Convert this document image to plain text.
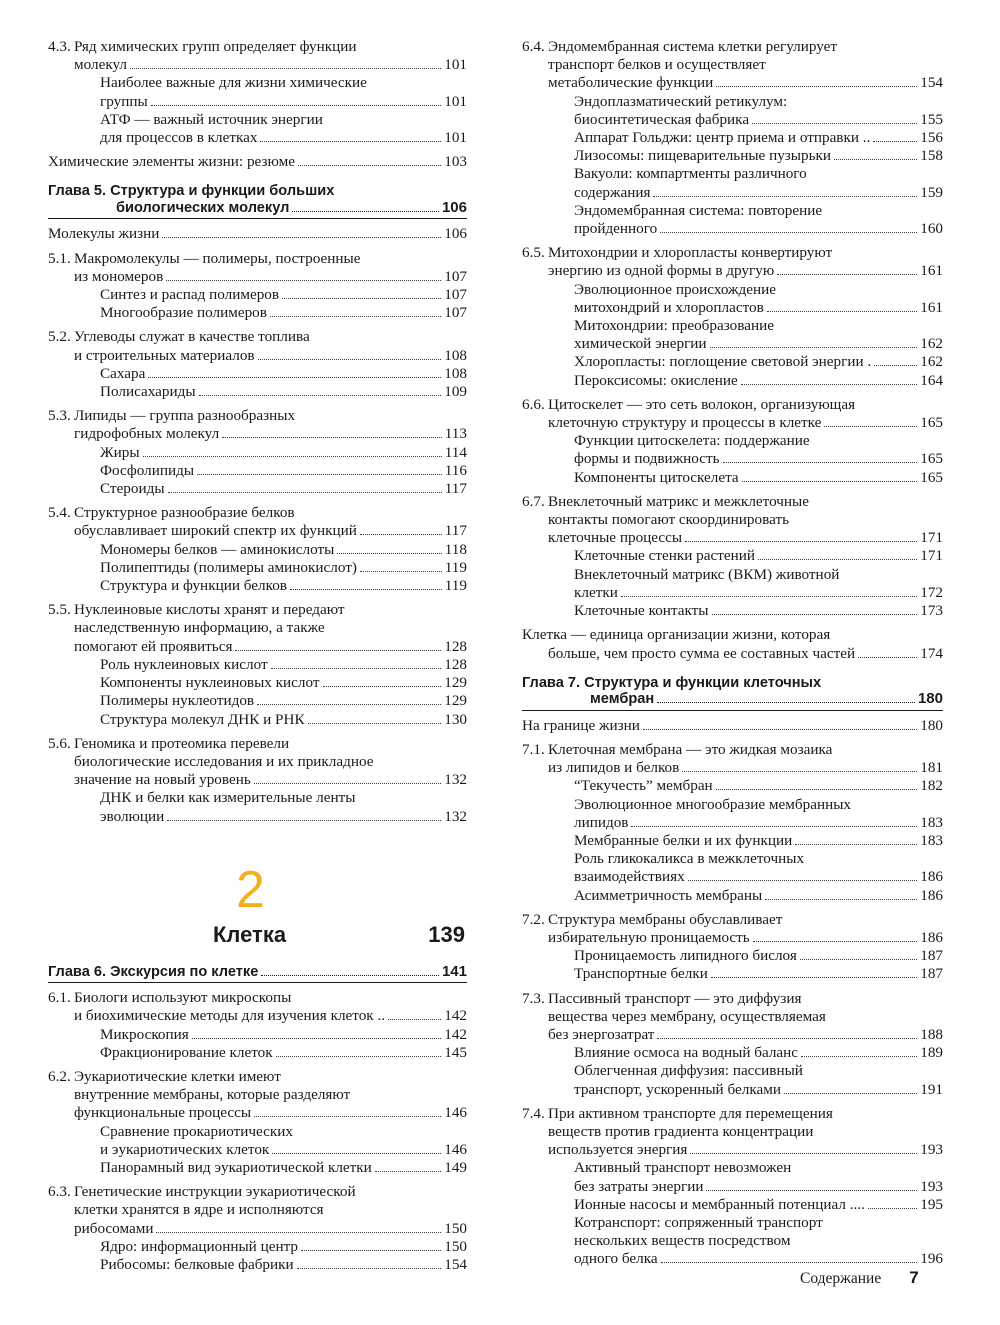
4.3. Ряд химических групп определяет функции
молекул	101
Наиболее важные для жизни химические
группы	101
АТФ — важный источник энергии
для процессов в клетках	101
Химические элементы жизни: резюме	103
Глава 5. Структура и функции больших
биологических молекул	106
Молекулы жизни	106
5.1. Макромолекулы — полимеры, построенные
из мономеров	107
Синтез и распад полимеров	107
Многообразие полимеров	107
5.2. Углеводы служат в качестве топлива
и строительных материалов	108
Сахара	108
Полисахариды	109
5.3. Липиды — группа разнообразных
гидрофобных молекул	113
Жиры	114
Фосфолипиды	116
Стероиды	117
5.4. Структурное разнообразие белков
обуславливает широкий спектр их функций	117
Мономеры белков — аминокислоты	118
Полипептиды (полимеры аминокислот)	119
Структура и функции белков	119
5.5. Нуклеиновые кислоты хранят и передают
наследственную информацию, а также
помогают ей проявиться	128
Роль нуклеиновых кислот	128
Компоненты нуклеиновых кислот	129
Полимеры нуклеотидов	129
Структура молекул ДНК и РНК	130
5.6. Геномика и протеомика перевели
биологические исследования и их прикладное
значение на новый уровень	132
ДНК и белки как измерительные ленты
эволюции	132
2
Клетка	139
Глава 6. Экскурсия по клетке	141
6.1. Биологи используют микроскопы
и биохимические методы для изучения клеток ..	142
Микроскопия	142
Фракционирование клеток	145
6.2. Эукариотические клетки имеют
внутренние мембраны, которые разделяют
функциональные процессы	146
Сравнение прокариотических
и эукариотических клеток	146
Панорамный вид эукариотической клетки	149
6.3. Генетические инструкции эукариотической
клетки хранятся в ядре и исполняются
рибосомами	150
Ядро: информационный центр	150
Рибосомы: белковые фабрики	154
6.4. Эндомембранная система клетки регулирует
транспорт белков и осуществляет
метаболические функции	154
Эндоплазматический ретикулум:
биосинтетическая фабрика	155
Аппарат Гольджи: центр приема и отправки ..	156
Лизосомы: пищеварительные пузырьки	158
Вакуоли: компартменты различного
содержания	159
Эндомембранная система: повторение
пройденного	160
6.5. Митохондрии и хлоропласты конвертируют
энергию из одной формы в другую	161
Эволюционное происхождение
митохондрий и хлоропластов	161
Митохондрии: преобразование
химической энергии	162
Хлоропласты: поглощение световой энергии .	162
Пероксисомы: окисление	164
6.6. Цитоскелет — это сеть волокон, организующая
клеточную структуру и процессы в клетке	165
Функции цитоскелета: поддержание
формы и подвижность	165
Компоненты цитоскелета	165
6.7. Внеклеточный матрикс и межклеточные
контакты помогают скоординировать
клеточные процессы	171
Клеточные стенки растений	171
Внеклеточный матрикс (ВКМ) животной
клетки	172
Клеточные контакты	173
Клетка — единица организации жизни, которая
больше, чем просто сумма ее составных частей	174
Глава 7. Структура и функции клеточных
мембран	180
На границе жизни	180
7.1. Клеточная мембрана — это жидкая мозаика
из липидов и белков	181
“Текучесть” мембран	182
Эволюционное многообразие мембранных
липидов	183
Мембранные белки и их функции	183
Роль гликокаликса в межклеточных
взаимодействиях	186
Асимметричность мембраны	186
7.2. Структура мембраны обуславливает
избирательную проницаемость	186
Проницаемость липидного бислоя	187
Транспортные белки	187
7.3. Пассивный транспорт — это диффузия
вещества через мембрану, осуществляемая
без энергозатрат	188
Влияние осмоса на водный баланс	189
Облегченная диффузия: пассивный
транспорт, ускоренный белками	191
7.4. При активном транспорте для перемещения
веществ против градиента концентрации
используется энергия	193
Активный транспорт невозможен
без затраты энергии	193
Ионные насосы и мембранный потенциал ....	195
Котранспорт: сопряженный транспорт
нескольких веществ посредством
одного белка	196
Содержание 7
